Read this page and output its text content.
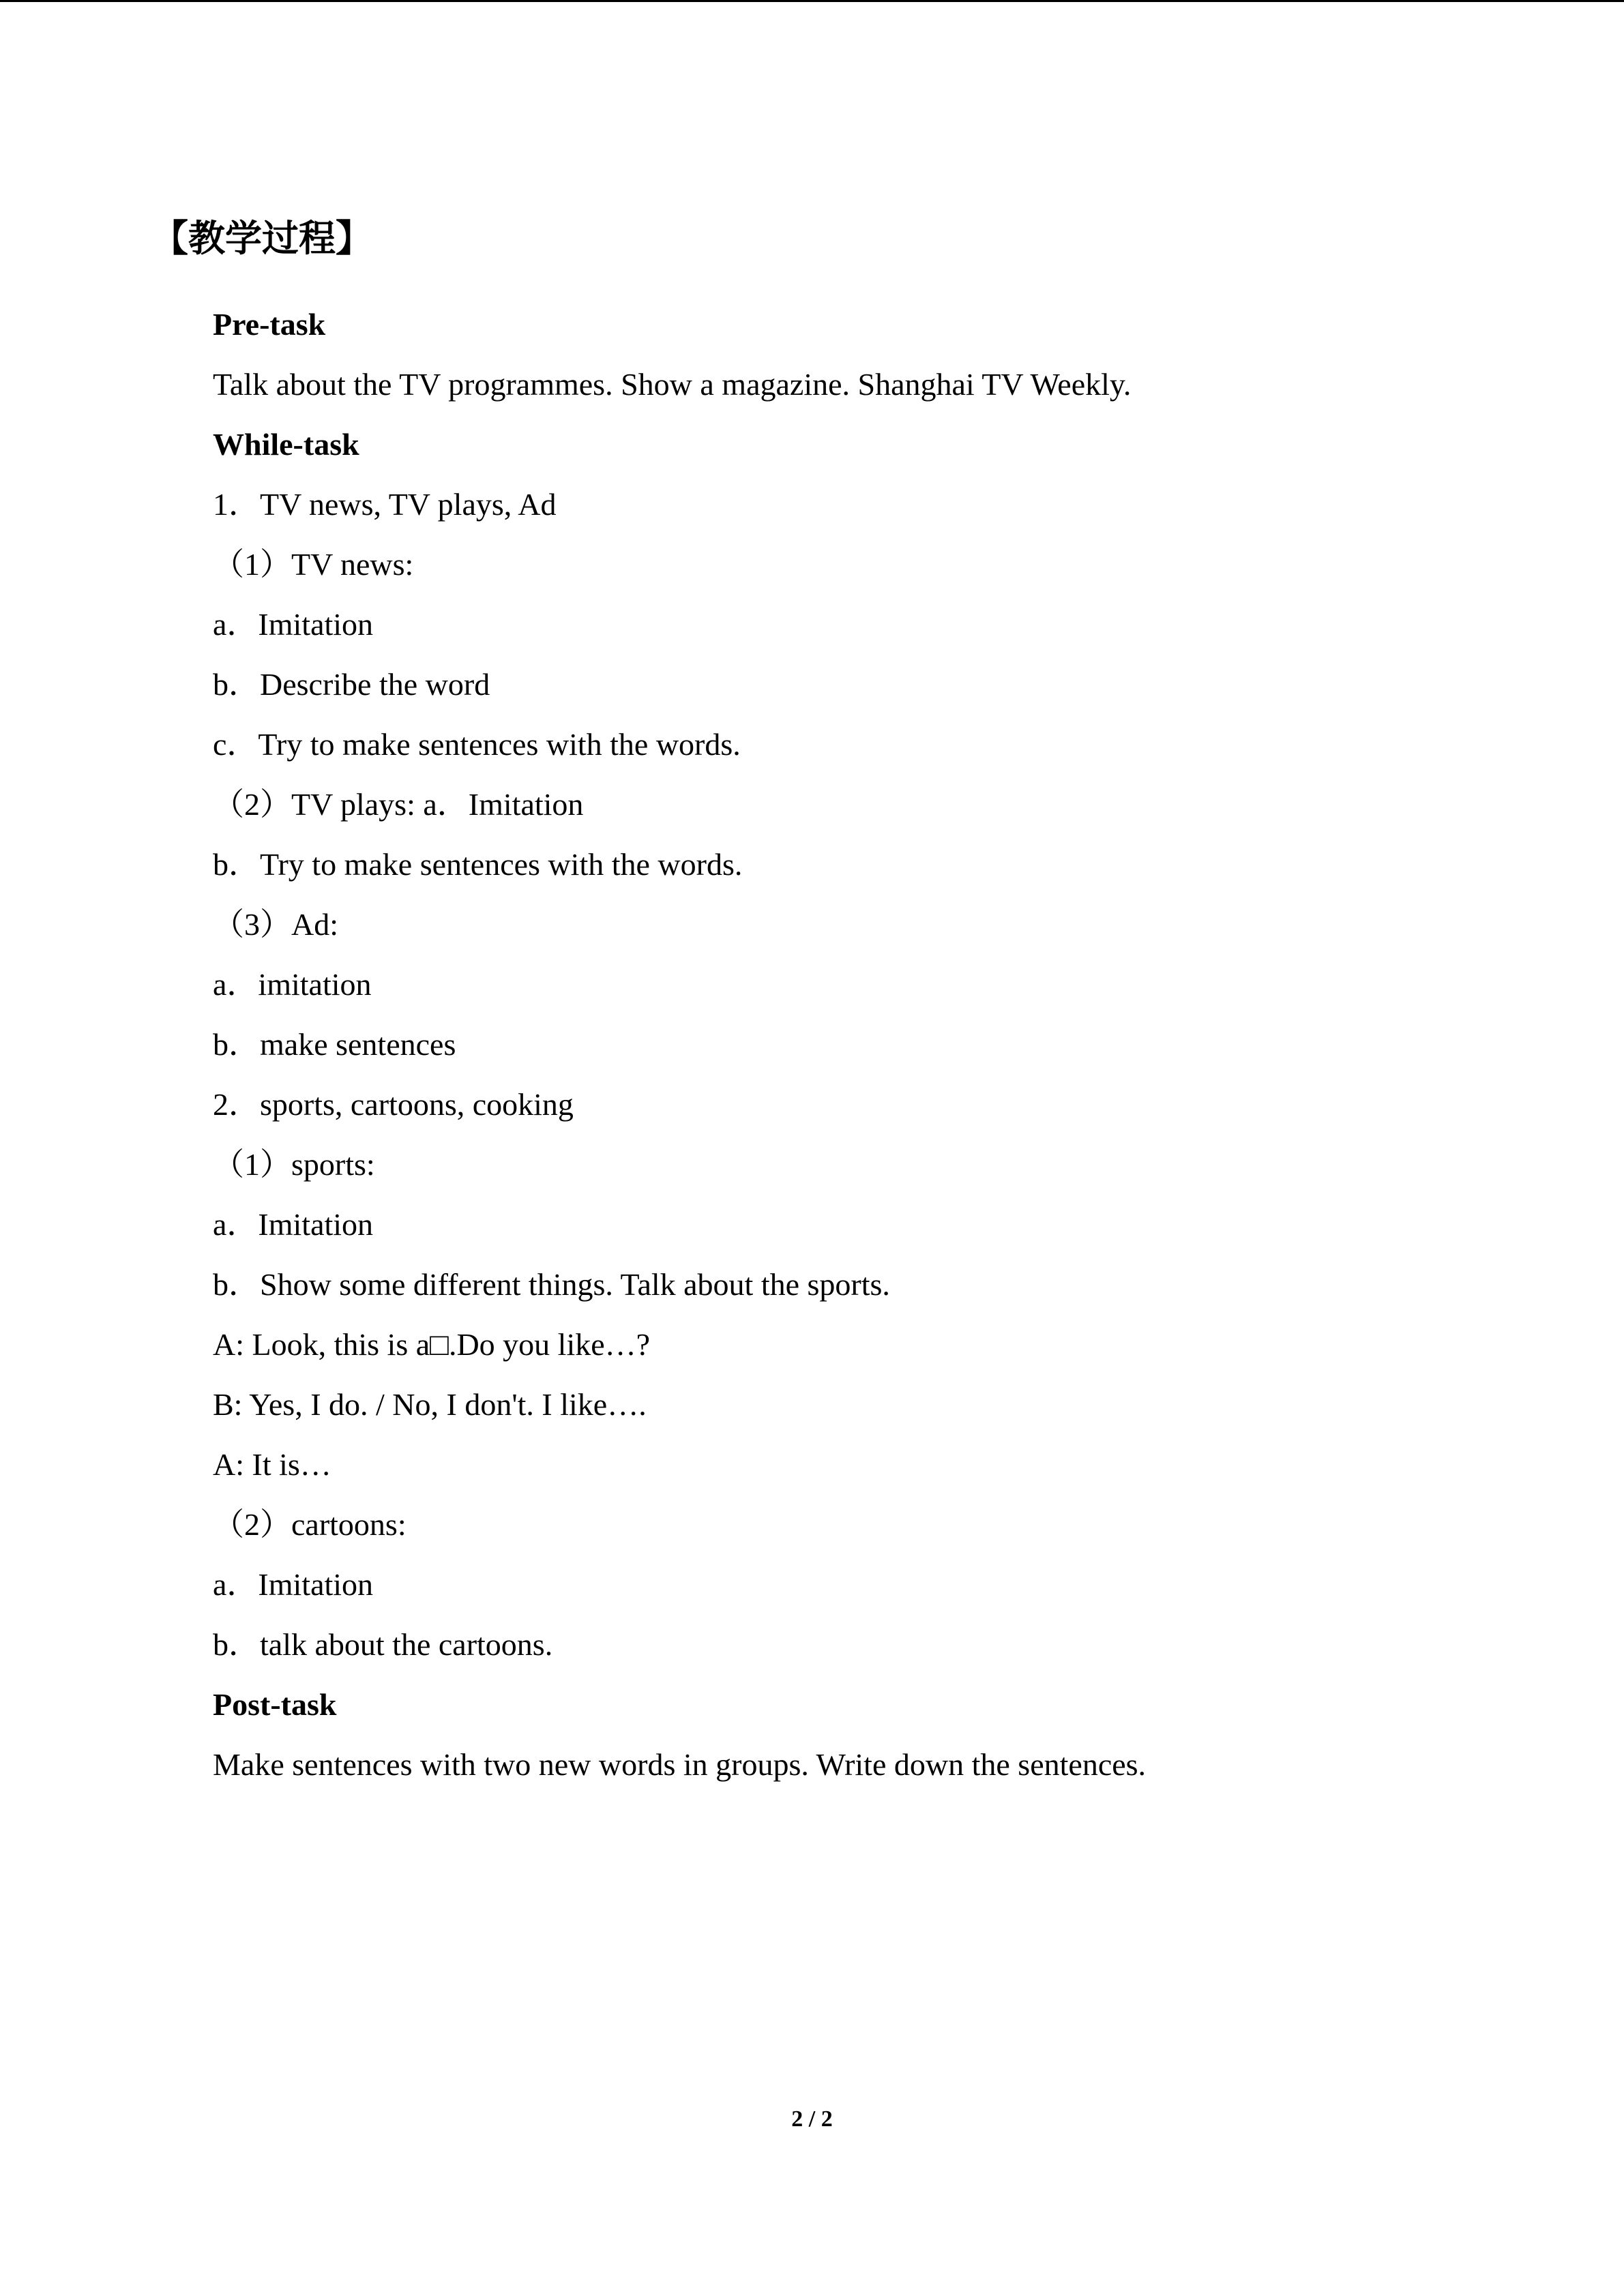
【教学过程】
Pre-task
Talk about the TV programmes. Show a magazine. Shanghai TV Weekly.
While-task
1．TV news, TV plays, Ad
（1）TV news:
a．Imitation
b．Describe the word
c．Try to make sentences with the words.
（2）TV plays: a．Imitation
b．Try to make sentences with the words.
（3）Ad:
a．imitation
b．make sentences
2．sports, cartoons, cooking
（1）sports:
a．Imitation
b．Show some different things. Talk about the sports.
A: Look, this is a□.Do you like…?
B: Yes, I do. / No, I don't. I like….
A: It is…
（2）cartoons:
a．Imitation
b．talk about the cartoons.
Post-task
Make sentences with two new words in groups. Write down the sentences.
2 / 2
